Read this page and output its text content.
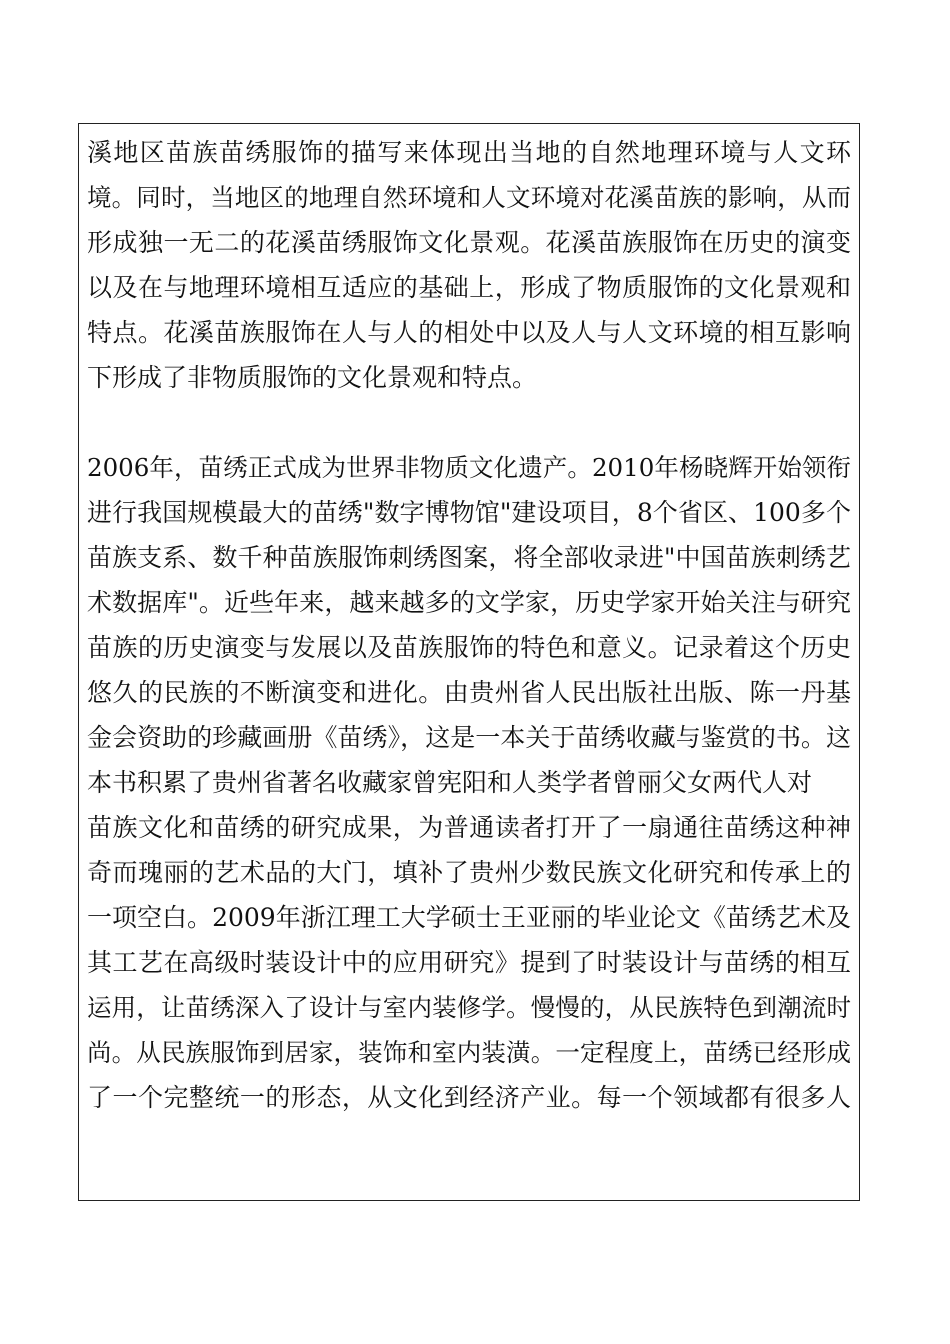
溪地区苗族苗绣服饰的描写来体现出当地的自然地理环境与人文环
境。同时，当地区的地理自然环境和人文环境对花溪苗族的影响，从而
形成独一无二的花溪苗绣服饰文化景观。花溪苗族服饰在历史的演变
以及在与地理环境相互适应的基础上，形成了物质服饰的文化景观和
特点。花溪苗族服饰在人与人的相处中以及人与人文环境的相互影响
下形成了非物质服饰的文化景观和特点。
2006年，苗绣正式成为世界非物质文化遗产。2010年杨晓辉开始领衔
进行我国规模最大的苗绣"数字博物馆"建设项目，8个省区、100多个
苗族支系、数千种苗族服饰刺绣图案，将全部收录进"中国苗族刺绣艺
术数据库"。近些年来，越来越多的文学家，历史学家开始关注与研究
苗族的历史演变与发展以及苗族服饰的特色和意义。记录着这个历史
悠久的民族的不断演变和进化。由贵州省人民出版社出版、陈一丹基
金会资助的珍藏画册《苗绣》，这是一本关于苗绣收藏与鉴赏的书。这
本书积累了贵州省著名收藏家曾宪阳和人类学者曾丽父女两代人对
苗族文化和苗绣的研究成果，为普通读者打开了一扇通往苗绣这种神
奇而瑰丽的艺术品的大门，填补了贵州少数民族文化研究和传承上的
一项空白。2009年浙江理工大学硕士王亚丽的毕业论文《苗绣艺术及
其工艺在高级时装设计中的应用研究》提到了时装设计与苗绣的相互
运用，让苗绣深入了设计与室内装修学。慢慢的，从民族特色到潮流时
尚。从民族服饰到居家，装饰和室内装潢。一定程度上，苗绣已经形成
了一个完整统一的形态，从文化到经济产业。每一个领域都有很多人
